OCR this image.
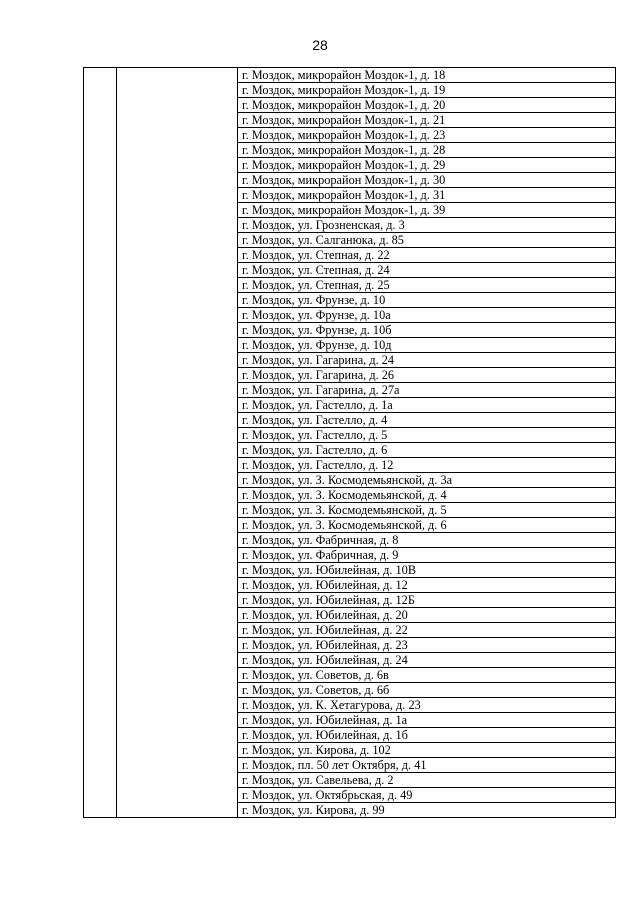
28
		г. Моздок, микрорайон Моздок-1, д. 18
г. Моздок, микрорайон Моздок-1, д. 19
г. Моздок, микрорайон Моздок-1, д. 20
г. Моздок, микрорайон Моздок-1, д. 21
г. Моздок, микрорайон Моздок-1, д. 23
г. Моздок, микрорайон Моздок-1, д. 28
г. Моздок, микрорайон Моздок-1, д. 29
г. Моздок, микрорайон Моздок-1, д. 30
г. Моздок, микрорайон Моздок-1, д. 31
г. Моздок, микрорайон Моздок-1, д. 39
г. Моздок, ул. Грозненская, д. 3
г. Моздок, ул. Салганюка, д. 85
г. Моздок, ул. Степная, д. 22
г. Моздок, ул. Степная, д. 24
г. Моздок, ул. Степная, д. 25
г. Моздок, ул. Фрунзе, д. 10
г. Моздок, ул. Фрунзе, д. 10а
г. Моздок, ул. Фрунзе, д. 10б
г. Моздок, ул. Фрунзе, д. 10д
г. Моздок, ул. Гагарина, д. 24
г. Моздок, ул. Гагарина, д. 26
г. Моздок, ул. Гагарина, д. 27а
г. Моздок, ул. Гастелло, д. 1а
г. Моздок, ул. Гастелло, д. 4
г. Моздок, ул. Гастелло, д. 5
г. Моздок, ул. Гастелло, д. 6
г. Моздок, ул. Гастелло, д. 12
г. Моздок, ул. З. Космодемьянской, д. 3а
г. Моздок, ул. З. Космодемьянской, д. 4
г. Моздок, ул. З. Космодемьянской, д. 5
г. Моздок, ул. З. Космодемьянской, д. 6
г. Моздок, ул. Фабричная, д. 8
г. Моздок, ул. Фабричная, д. 9
г. Моздок, ул. Юбилейная, д. 10В
г. Моздок, ул. Юбилейная, д. 12
г. Моздок, ул. Юбилейная, д. 12Б
г. Моздок, ул. Юбилейная, д. 20
г. Моздок, ул. Юбилейная, д. 22
г. Моздок, ул. Юбилейная, д. 23
г. Моздок, ул. Юбилейная, д. 24
г. Моздок, ул. Советов, д. 6в
г. Моздок, ул. Советов, д. 6б
г. Моздок, ул. К. Хетагурова, д. 23
г. Моздок, ул. Юбилейная, д. 1а
г. Моздок, ул. Юбилейная, д. 1б
г. Моздок, ул. Кирова, д. 102
г. Моздок, пл. 50 лет Октября, д. 41
г. Моздок, ул. Савельева, д. 2
г. Моздок, ул. Октябрьская, д. 49
г. Моздок, ул. Кирова, д. 99
